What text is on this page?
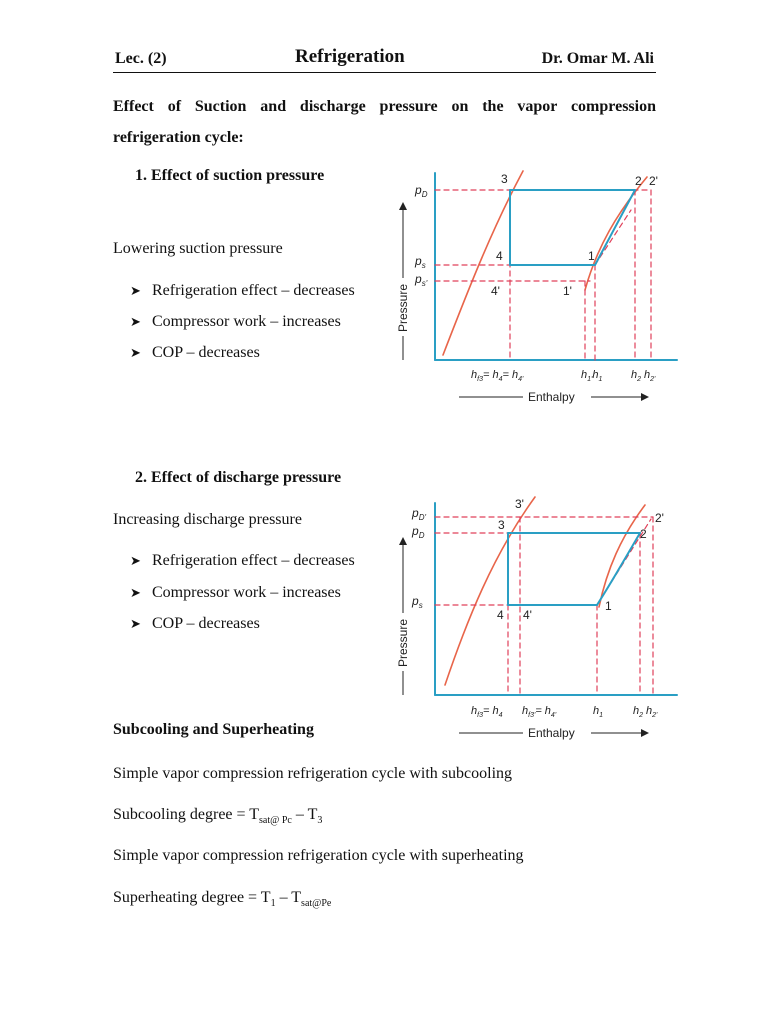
Lec. (2)	Refrigeration	Dr. Omar M. Ali
Effect of Suction and discharge pressure on the vapor compression
refrigeration cycle:
1. Effect of suction pressure
Lowering suction pressure
➤ Refrigeration effect – decreases
➤ Compressor work – increases
➤ COP – decreases
3	2 2'
4	1
4'	1'
$p_D$
$p_s$
$p_{s'}$
Pressure
$h_{f3}= h_4= h_{4'}$	$h_{1'}h_1$	$h_2$ $h_{2'}$
Enthalpy
2. Effect of discharge pressure
Increasing discharge pressure
➤ Refrigeration effect – decreases
➤ Compressor work – increases
➤ COP – decreases
3'
3	2'
2
4 4'
1
$p_{D'}$
$p_D$
$p_s$
Pressure
$h_{f3}= h_4$ $h_{f3'}= h_{4'}$	$h_1$	$h_2$ $h_{2'}$
Enthalpy
Subcooling and Superheating
Simple vapor compression refrigeration cycle with subcooling
Subcooling degree = $T_{sat@ Pc} - T_3$
Simple vapor compression refrigeration cycle with superheating
Superheating degree = $T_1 - T_{sat@Pe}$
